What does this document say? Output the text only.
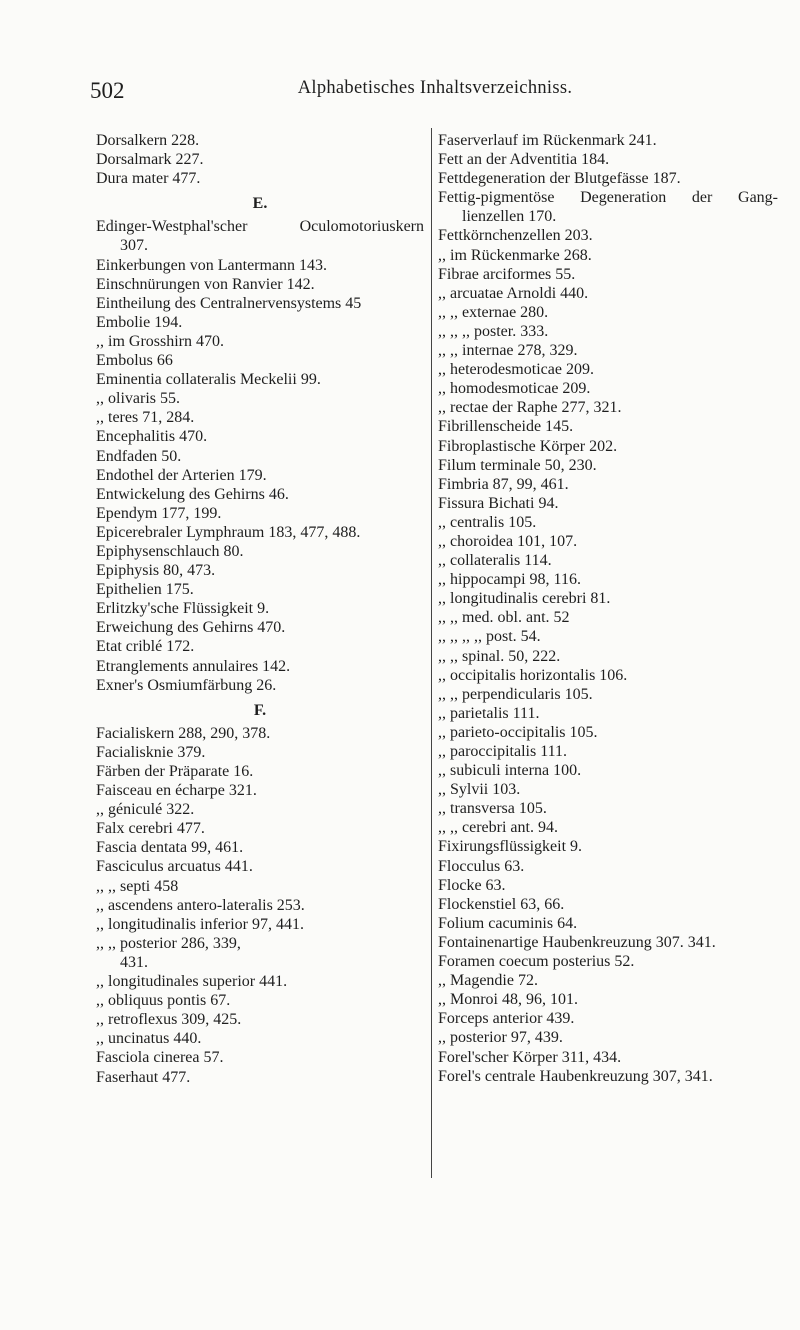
502	Alphabetisches Inhaltsverzeichniss.
Dorsalkern 228.
Dorsalmark 227.
Dura mater 477.
E.
Edinger-Westphal'scher Oculomotoriuskern
307.
Einkerbungen von Lantermann 143.
Einschnürungen von Ranvier 142.
Eintheilung des Centralnervensystems 45
Embolie 194.
,, im Grosshirn 470.
Embolus 66
Eminentia collateralis Meckelii 99.
,, olivaris 55.
,, teres 71, 284.
Encephalitis 470.
Endfaden 50.
Endothel der Arterien 179.
Entwickelung des Gehirns 46.
Ependym 177, 199.
Epicerebraler Lymphraum 183, 477, 488.
Epiphysenschlauch 80.
Epiphysis 80, 473.
Epithelien 175.
Erlitzky'sche Flüssigkeit 9.
Erweichung des Gehirns 470.
Etat criblé 172.
Etranglements annulaires 142.
Exner's Osmiumfärbung 26.
F.
Facialiskern 288, 290, 378.
Facialisknie 379.
Färben der Präparate 16.
Faisceau en écharpe 321.
,, géniculé 322.
Falx cerebri 477.
Fascia dentata 99, 461.
Fasciculus arcuatus 441.
,, ,, septi 458
,, ascendens antero-lateralis 253.
,, longitudinalis inferior 97, 441.
,, ,, posterior 286, 339,
431.
,, longitudinales superior 441.
,, obliquus pontis 67.
,, retroflexus 309, 425.
,, uncinatus 440.
Fasciola cinerea 57.
Faserhaut 477.
Faserverlauf im Rückenmark 241.
Fett an der Adventitia 184.
Fettdegeneration der Blutgefässe 187.
Fettig-pigmentöse Degeneration der Gang-
lienzellen 170.
Fettkörnchenzellen 203.
,, im Rückenmarke 268.
Fibrae arciformes 55.
,, arcuatae Arnoldi 440.
,, ,, externae 280.
,, ,, ,, poster. 333.
,, ,, internae 278, 329.
,, heterodesmoticae 209.
,, homodesmoticae 209.
,, rectae der Raphe 277, 321.
Fibrillenscheide 145.
Fibroplastische Körper 202.
Filum terminale 50, 230.
Fimbria 87, 99, 461.
Fissura Bichati 94.
,, centralis 105.
,, choroidea 101, 107.
,, collateralis 114.
,, hippocampi 98, 116.
,, longitudinalis cerebri 81.
,, ,, med. obl. ant. 52
,, ,, ,, ,, post. 54.
,, ,, spinal. 50, 222.
,, occipitalis horizontalis 106.
,, ,, perpendicularis 105.
,, parietalis 111.
,, parieto-occipitalis 105.
,, paroccipitalis 111.
,, subiculi interna 100.
,, Sylvii 103.
,, transversa 105.
,, ,, cerebri ant. 94.
Fixirungsflüssigkeit 9.
Flocculus 63.
Flocke 63.
Flockenstiel 63, 66.
Folium cacuminis 64.
Fontainenartige Haubenkreuzung 307. 341.
Foramen coecum posterius 52.
,, Magendie 72.
,, Monroi 48, 96, 101.
Forceps anterior 439.
,, posterior 97, 439.
Forel'scher Körper 311, 434.
Forel's centrale Haubenkreuzung 307, 341.
